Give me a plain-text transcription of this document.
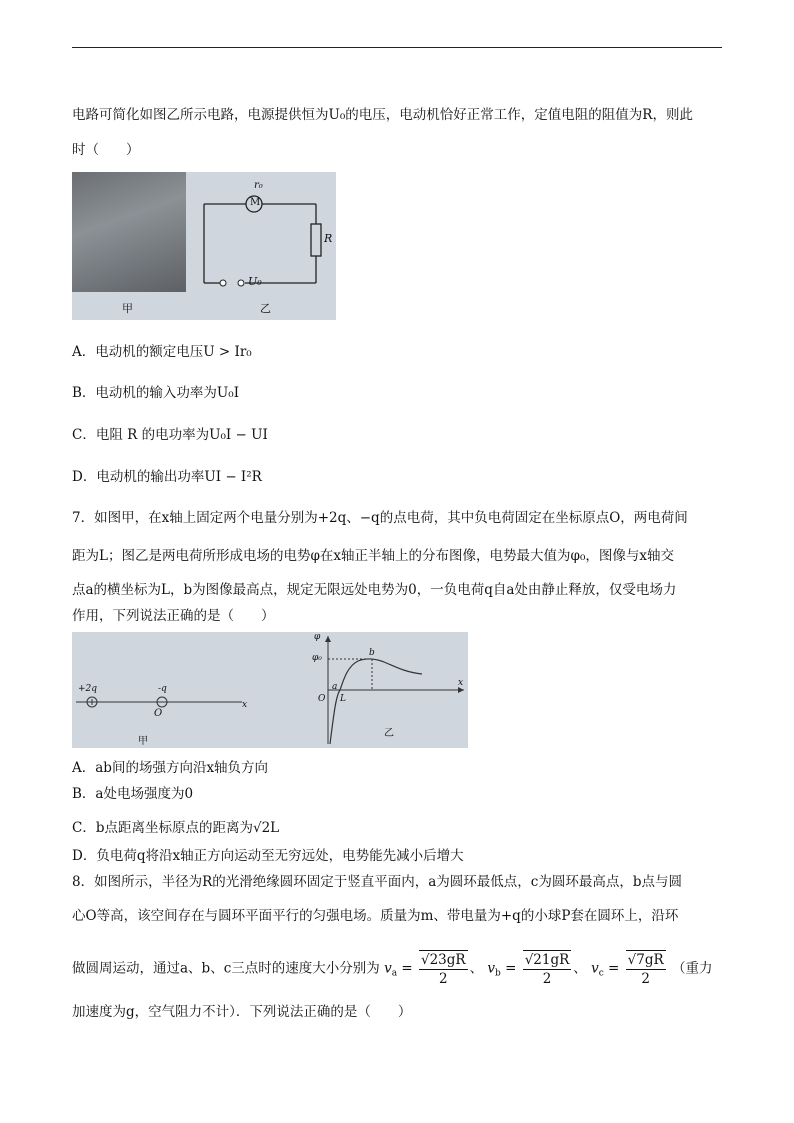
电路可简化如图乙所示电路，电源提供恒为U₀的电压，电动机恰好正常工作，定值电阻的阻值为R，则此
时（　　）
M
r₀
R
U₀
甲	乙
A．电动机的额定电压U > Ir₀
B．电动机的输入功率为U₀I
C．电阻 R 的电功率为U₀I − UI
D．电动机的输出功率UI − I²R
7．如图甲，在x轴上固定两个电量分别为+2q、−q的点电荷，其中负电荷固定在坐标原点O，两电荷间
距为L；图乙是两电荷所形成电场的电势φ在x轴正半轴上的分布图像，电势最大值为φ₀，图像与x轴交
点a的横坐标为L，b为图像最高点，规定无限远处电势为0，一负电荷q自a处由静止释放，仅受电场力
作用，下列说法正确的是（　　）
+2q	-q
O
x
甲
φ
φ₀
a
b
L
O
x
乙
A．ab间的场强方向沿x轴负方向
B．a处电场强度为0
C．b点距离坐标原点的距离为√2L
D．负电荷q将沿x轴正方向运动至无穷远处，电势能先减小后增大
8．如图所示，半径为R的光滑绝缘圆环固定于竖直平面内，a为圆环最低点，c为圆环最高点，b点与圆
心O等高，该空间存在与圆环平面平行的匀强电场。质量为m、带电量为+q的小球P套在圆环上，沿环
做圆周运动，通过a、b、c三点时的速度大小分别为 $v_a = \frac{√23gR}{2}$ 、 $v_b = \frac{√21gR}{2}$ 、 $v_c = \frac{√7gR}{2}$ （重力
加速度为g，空气阻力不计）．下列说法正确的是（　　）
